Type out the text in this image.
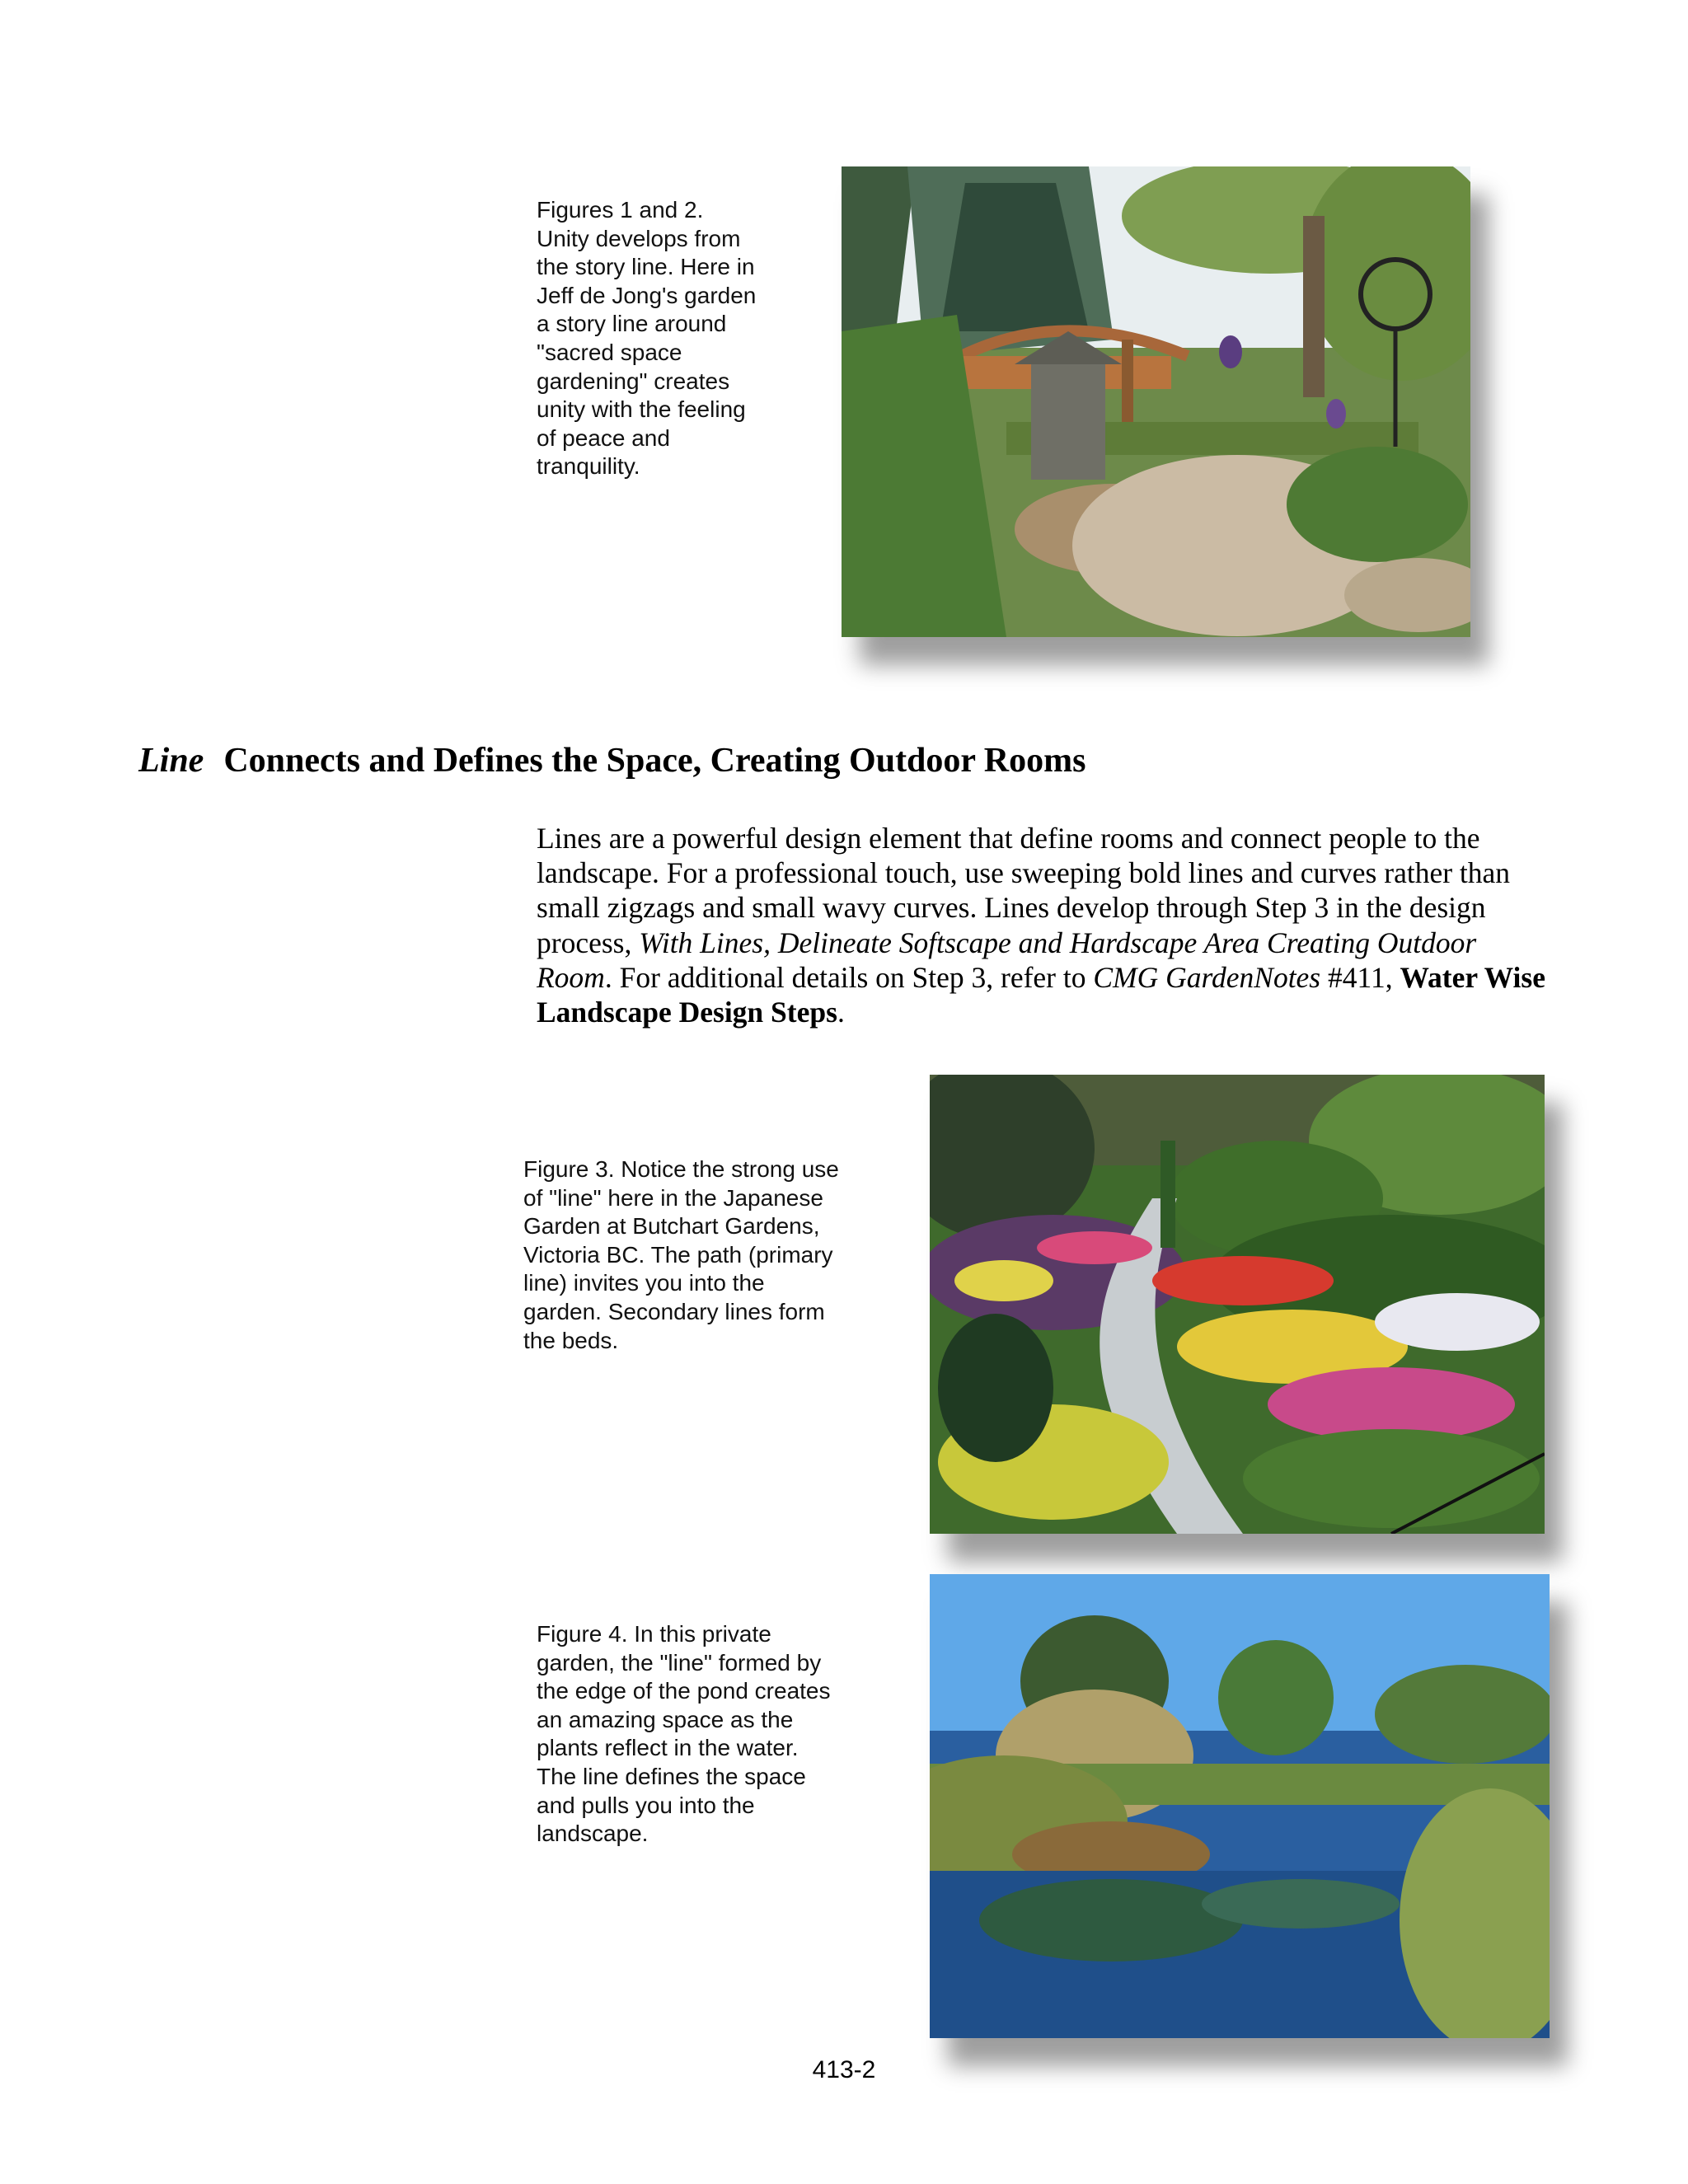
Figures 1 and 2.
Unity develops from
the story line. Here in
Jeff de Jong's garden
a story line around
"sacred space
gardening" creates
unity with the feeling
of peace and
tranquility.
Line Connects and Defines the Space, Creating Outdoor Rooms
Lines are a powerful design element that define rooms and connect people to the landscape. For a professional touch, use sweeping bold lines and curves rather than small zigzags and small wavy curves. Lines develop through Step 3 in the design process, With Lines, Delineate Softscape and Hardscape Area Creating Outdoor Room. For additional details on Step 3, refer to CMG GardenNotes #411, Water Wise Landscape Design Steps.
Figure 3. Notice the strong use
of "line" here in the Japanese
Garden at Butchart Gardens,
Victoria BC. The path (primary
line) invites you into the
garden. Secondary lines form
the beds.
Figure 4. In this private
garden, the "line" formed by
the edge of the pond creates
an amazing space as the
plants reflect in the water.
The line defines the space
and pulls you into the
landscape.
413-2
